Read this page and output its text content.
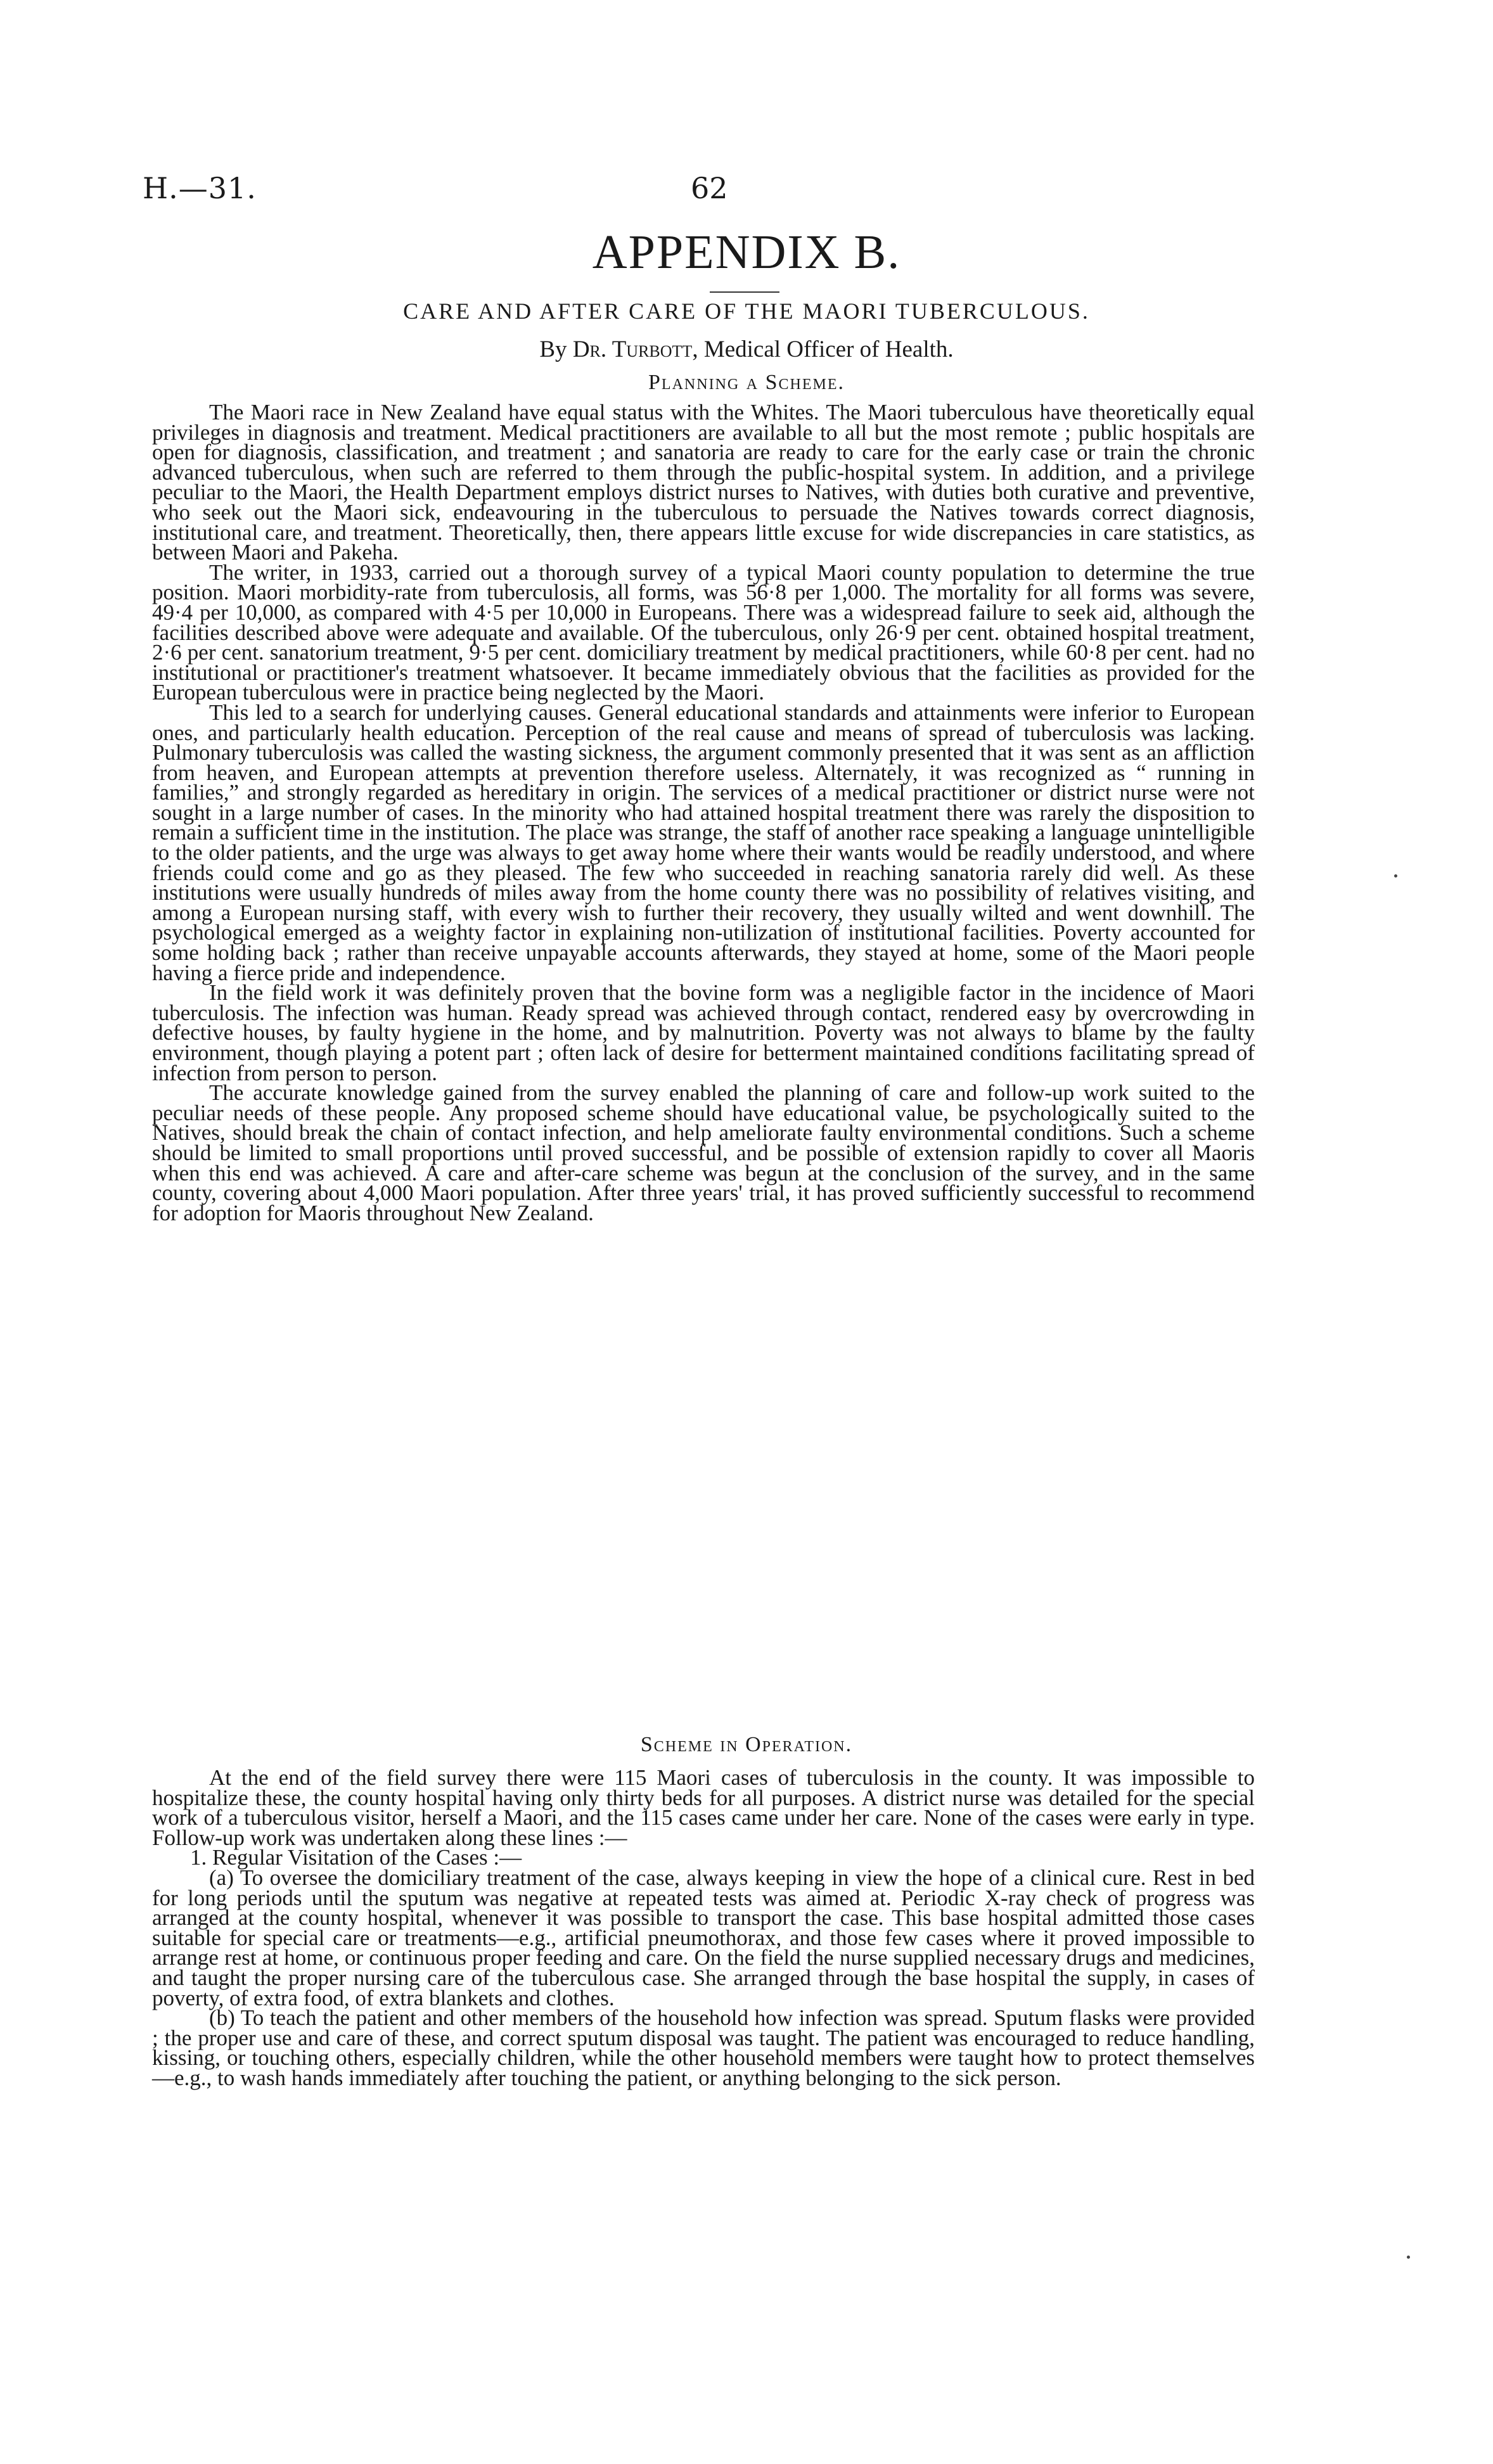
H.—31.	62
APPENDIX B.
CARE AND AFTER CARE OF THE MAORI TUBERCULOUS.
By Dr. Turbott, Medical Officer of Health.
Planning a Scheme.

The Maori race in New Zealand have equal status with the Whites. The Maori tuberculous have theoretically equal privileges in diagnosis and treatment. Medical practitioners are available to all but the most remote ; public hospitals are open for diagnosis, classification, and treatment ; and sanatoria are ready to care for the early case or train the chronic advanced tuberculous, when such are referred to them through the public-hospital system. In addition, and a privilege peculiar to the Maori, the Health Department employs district nurses to Natives, with duties both curative and preventive, who seek out the Maori sick, endeavouring in the tuberculous to persuade the Natives towards correct diagnosis, institutional care, and treatment. Theoretically, then, there appears little excuse for wide discrepancies in care statistics, as between Maori and Pakeha.

The writer, in 1933, carried out a thorough survey of a typical Maori county population to determine the true position. Maori morbidity-rate from tuberculosis, all forms, was 56·8 per 1,000. The mortality for all forms was severe, 49·4 per 10,000, as compared with 4·5 per 10,000 in Europeans. There was a widespread failure to seek aid, although the facilities described above were adequate and available. Of the tuberculous, only 26·9 per cent. obtained hospital treatment, 2·6 per cent. sanatorium treatment, 9·5 per cent. domiciliary treatment by medical practitioners, while 60·8 per cent. had no institutional or practitioner's treatment whatsoever. It became immediately obvious that the facilities as provided for the European tuberculous were in practice being neglected by the Maori.

This led to a search for underlying causes. General educational standards and attainments were inferior to European ones, and particularly health education. Perception of the real cause and means of spread of tuberculosis was lacking. Pulmonary tuberculosis was called the wasting sickness, the argument commonly presented that it was sent as an affliction from heaven, and European attempts at prevention therefore useless. Alternately, it was recognized as “ running in families,” and strongly regarded as hereditary in origin. The services of a medical practitioner or district nurse were not sought in a large number of cases. In the minority who had attained hospital treatment there was rarely the disposition to remain a sufficient time in the institution. The place was strange, the staff of another race speaking a language unintelligible to the older patients, and the urge was always to get away home where their wants would be readily understood, and where friends could come and go as they pleased. The few who succeeded in reaching sanatoria rarely did well. As these institutions were usually hundreds of miles away from the home county there was no possibility of relatives visiting, and among a European nursing staff, with every wish to further their recovery, they usually wilted and went downhill. The psychological emerged as a weighty factor in explaining non-utilization of institutional facilities. Poverty accounted for some holding back ; rather than receive unpayable accounts afterwards, they stayed at home, some of the Maori people having a fierce pride and independence.

In the field work it was definitely proven that the bovine form was a negligible factor in the incidence of Maori tuberculosis. The infection was human. Ready spread was achieved through contact, rendered easy by overcrowding in defective houses, by faulty hygiene in the home, and by malnutrition. Poverty was not always to blame by the faulty environment, though playing a potent part ; often lack of desire for betterment maintained conditions facilitating spread of infection from person to person.

The accurate knowledge gained from the survey enabled the planning of care and follow-up work suited to the peculiar needs of these people. Any proposed scheme should have educational value, be psychologically suited to the Natives, should break the chain of contact infection, and help ameliorate faulty environmental conditions. Such a scheme should be limited to small proportions until proved successful, and be possible of extension rapidly to cover all Maoris when this end was achieved. A care and after-care scheme was begun at the conclusion of the survey, and in the same county, covering about 4,000 Maori population. After three years' trial, it has proved sufficiently successful to recommend for adoption for Maoris throughout New Zealand.

Scheme in Operation.

At the end of the field survey there were 115 Maori cases of tuberculosis in the county. It was impossible to hospitalize these, the county hospital having only thirty beds for all purposes. A district nurse was detailed for the special work of a tuberculous visitor, herself a Maori, and the 115 cases came under her care. None of the cases were early in type. Follow-up work was undertaken along these lines :—

1. Regular Visitation of the Cases :—

(a) To oversee the domiciliary treatment of the case, always keeping in view the hope of a clinical cure. Rest in bed for long periods until the sputum was negative at repeated tests was aimed at. Periodic X-ray check of progress was arranged at the county hospital, whenever it was possible to transport the case. This base hospital admitted those cases suitable for special care or treatments—e.g., artificial pneumothorax, and those few cases where it proved impossible to arrange rest at home, or continuous proper feeding and care. On the field the nurse supplied necessary drugs and medicines, and taught the proper nursing care of the tuberculous case. She arranged through the base hospital the supply, in cases of poverty, of extra food, of extra blankets and clothes.

(b) To teach the patient and other members of the household how infection was spread. Sputum flasks were provided ; the proper use and care of these, and correct sputum disposal was taught. The patient was encouraged to reduce handling, kissing, or touching others, especially children, while the other household members were taught how to protect themselves—e.g., to wash hands immediately after touching the patient, or anything belonging to the sick person.
